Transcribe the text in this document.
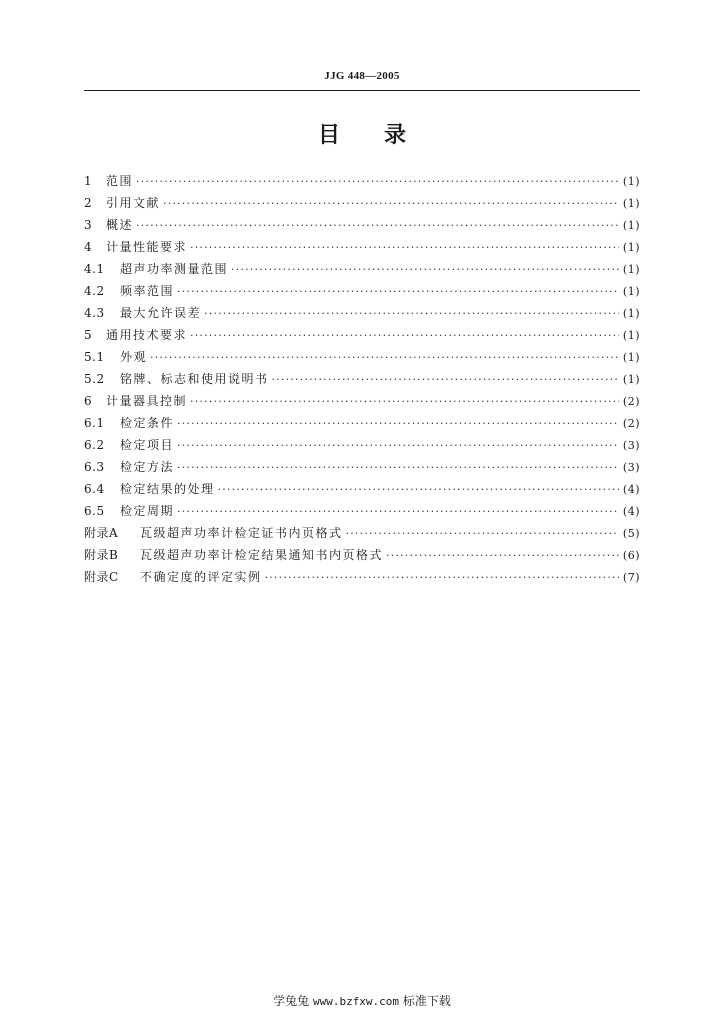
JJG 448—2005
目录
1	范围 ·····	(1)
2	引用文献 ·····	(1)
3	概述 ·····	(1)
4	计量性能要求 ·····	(1)
4.1	超声功率测量范围 ·····	(1)
4.2	频率范围 ·····	(1)
4.3	最大允许误差 ·····	(1)
5	通用技术要求 ·····	(1)
5.1	外观 ·····	(1)
5.2	铭牌、标志和使用说明书 ·····	(1)
6	计量器具控制 ·····	(2)
6.1	检定条件 ·····	(2)
6.2	检定项目 ·····	(3)
6.3	检定方法 ·····	(3)
6.4	检定结果的处理 ·····	(4)
6.5	检定周期 ·····	(4)
附录A	瓦级超声功率计检定证书内页格式 ·····	(5)
附录B	瓦级超声功率计检定结果通知书内页格式 ·····	(6)
附录C	不确定度的评定实例 ·····	(7)
学兔兔 www.bzfxw.com 标准下载
